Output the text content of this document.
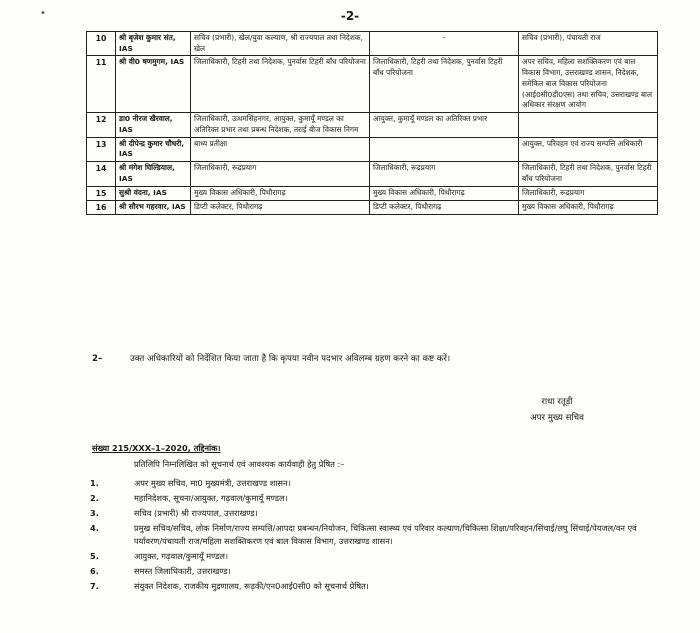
•	-2-
10	श्री बृजेश कुमार संत, IAS	सचिव (प्रभारी), खेल/युवा कल्याण, श्री राज्यपाल तथा निदेशक, खेल	–	सचिव (प्रभारी), पंचायती राज
11	श्री वी0 षणमुगम, IAS	जिलाधिकारी, टिहरी तथा निदेशक, पुनर्वास टिहरी बाँध परियोजना	जिलाधिकारी, टिहरी तथा निदेशक, पुनर्वास टिहरी बाँध परियोजना	अपर सचिव, महिला सशक्तिकरण एवं बाल विकास विभाग, उत्तराखण्ड शासन, निदेशक, समेकित बाल विकास परियोजना (आई0सी0डी0एस) तथा सचिव, उत्तराखण्ड बाल अधिकार संरक्षण आयोग
12	डा0 नीरज खैरवाल, IAS	जिलाधिकारी, ऊधमसिंहनगर, आयुक्त, कुमायूँ मण्डल का अतिरिक्त प्रभार तथा प्रबन्ध निदेशक, तराई बीज विकास निगम	आयुक्त, कुमायूँ मण्डल का अतिरिक्त प्रभार	
13	श्री दीपेन्द्र कुमार चौधरी, IAS	बाध्य प्रतीक्षा		आयुक्त, परिवहन एवं राज्य सम्पत्ति अधिकारी
14	श्री मंगेश घिल्डियाल, IAS	जिलाधिकारी, रूद्रप्रयाग	जिलाधिकारी, रूद्रप्रयाग	जिलाधिकारी, टिहरी तथा निदेशक, पुनर्वास टिहरी बाँध परियोजना
15	सुश्री वंदना, IAS	मुख्य विकास अधिकारी, पिथौरागढ़	मुख्य विकास अधिकारी, पिथौरागढ़	जिलाधिकारी, रूद्रप्रयाग
16	श्री सौरभ गहरवार, IAS	डिप्टी कलेक्टर, पिथौरागढ़	डिप्टी कलेक्टर, पिथौरागढ़	मुख्य विकास अधिकारी, पिथौरागढ़
2–	उक्त अधिकारियों को निर्देशित किया जाता है कि कृपया नवीन पदभार अविलम्ब ग्रहण करने का कष्ट करें।
राधा रतूड़ी
अपर मुख्य सचिव
संख्या 215/XXX–1–2020, तद्दिनांक।
प्रतिलिपि निम्नलिखित को सूचनार्थ एवं आवश्यक कार्यवाही हेतु प्रेषित :–
1.	अपर मुख्य सचिव, मा0 मुख्यमंत्री, उत्तराखण्ड शासन।
2.	महानिदेशक, सूचना/आयुक्त, गढ़वाल/कुमायूँ मण्डल।
3.	सचिव (प्रभारी) श्री राज्यपाल, उत्तराखण्ड।
4.	प्रमुख सचिव/सचिव, लोक निर्माण/राज्य सम्पत्ति/आपदा प्रबन्धन/नियोजन, चिकित्सा स्वास्थ्य एवं परिवार कल्याण/चिकित्सा शिक्षा/परिवहन/सिंचाई/लघु सिंचाई/पेयजल/वन एवं पर्यावरण/पंचायती राज/महिला सशक्तिकरण एवं बाल विकास विभाग, उत्तराखण्ड शासन।
5.	आयुक्त, गढ़वाल/कुमायूँ मण्डल।
6.	समस्त जिलाधिकारी, उत्तराखण्ड।
7.	संयुक्त निदेशक, राजकीय मुद्रणालय, रूड़की/एन0आई0सी0 को सूचनार्थ प्रेषित।
